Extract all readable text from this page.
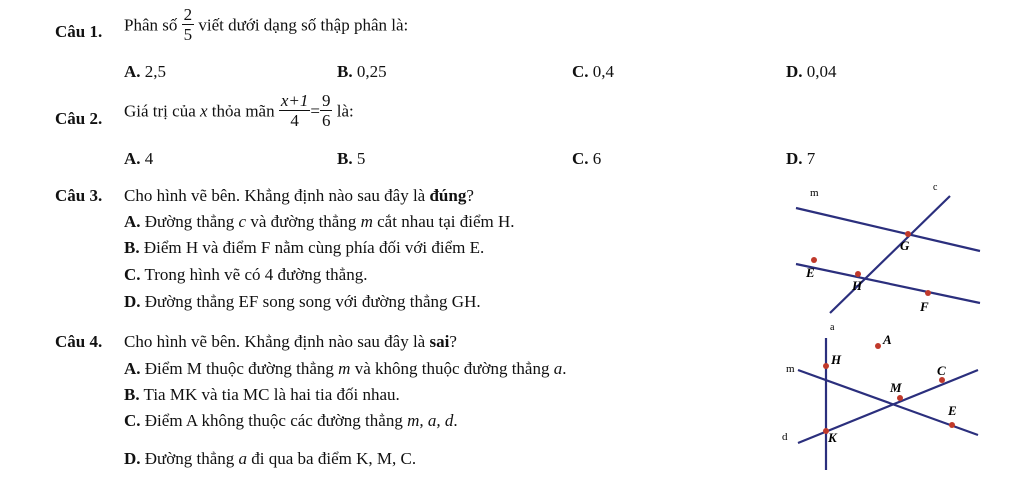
Câu 1. Phân số $\frac{2}{5}$ viết dưới dạng số thập phân là:
A. 2,5	B. 0,25	C. 0,4	D. 0,04
Câu 2. Giá trị của x thỏa mãn $\frac{x+1}{4} = \frac{9}{6}$ là:
A. 4	B. 5	C. 6	D. 7
Câu 3. Cho hình vẽ bên. Khẳng định nào sau đây là đúng?
A. Đường thẳng c và đường thẳng m cắt nhau tại điểm H.
B. Điểm H và điểm F nằm cùng phía đối với điểm E.
C. Trong hình vẽ có 4 đường thẳng.
D. Đường thẳng EF song song với đường thẳng GH.
m	c
G
E
H
F
Câu 4. Cho hình vẽ bên. Khẳng định nào sau đây là sai?
A. Điểm M thuộc đường thẳng m và không thuộc đường thẳng a.
B. Tia MK và tia MC là hai tia đối nhau.
C. Điểm A không thuộc các đường thẳng m, a, d.
D. Đường thẳng a đi qua ba điểm K, M, C.
a
A
m
H
M
C
E
d	K
